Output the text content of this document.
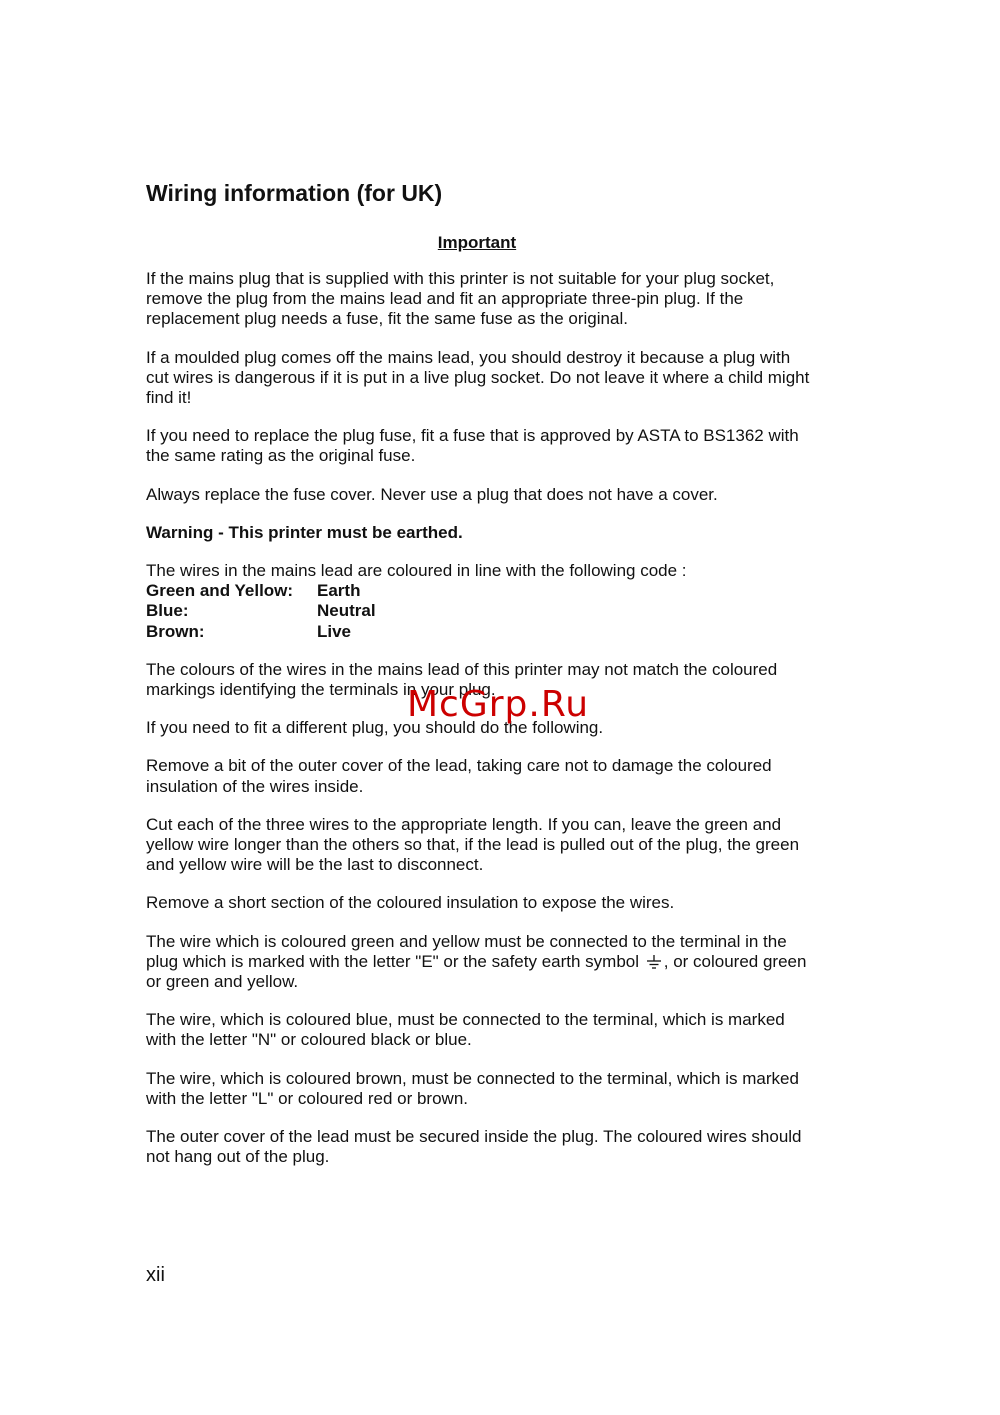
Wiring information (for UK)
Important

If the mains plug that is supplied with this printer is not suitable for your plug socket, remove the plug from the mains lead and fit an appropriate three-pin plug. If the replacement plug needs a fuse, fit the same fuse as the original.

If a moulded plug comes off the mains lead, you should destroy it because a plug with cut wires is dangerous if it is put in a live plug socket. Do not leave it where a child might find it!

If you need to replace the plug fuse, fit a fuse that is approved by ASTA to BS1362 with the same rating as the original fuse.

Always replace the fuse cover. Never use a plug that does not have a cover.

Warning - This printer must be earthed.

The wires in the mains lead are coloured in line with the following code :
Green and Yellow:	Earth
Blue:	Neutral
Brown:	Live

The colours of the wires in the mains lead of this printer may not match the coloured markings identifying the terminals in your plug.

If you need to fit a different plug, you should do the following.

Remove a bit of the outer cover of the lead, taking care not to damage the coloured insulation of the wires inside.

Cut each of the three wires to the appropriate length. If you can, leave the green and yellow wire longer than the others so that, if the lead is pulled out of the plug, the green and yellow wire will be the last to disconnect.

Remove a short section of the coloured insulation to expose the wires.

The wire which is coloured green and yellow must be connected to the terminal in the plug which is marked with the letter "E" or the safety earth symbol , or coloured green or green and yellow.

The wire, which is coloured blue, must be connected to the terminal, which is marked with the letter "N" or coloured black or blue.

The wire, which is coloured brown, must be connected to the terminal, which is marked with the letter "L" or coloured red or brown.

The outer cover of the lead must be secured inside the plug. The coloured wires should not hang out of the plug.

McGrp.Ru
xii
